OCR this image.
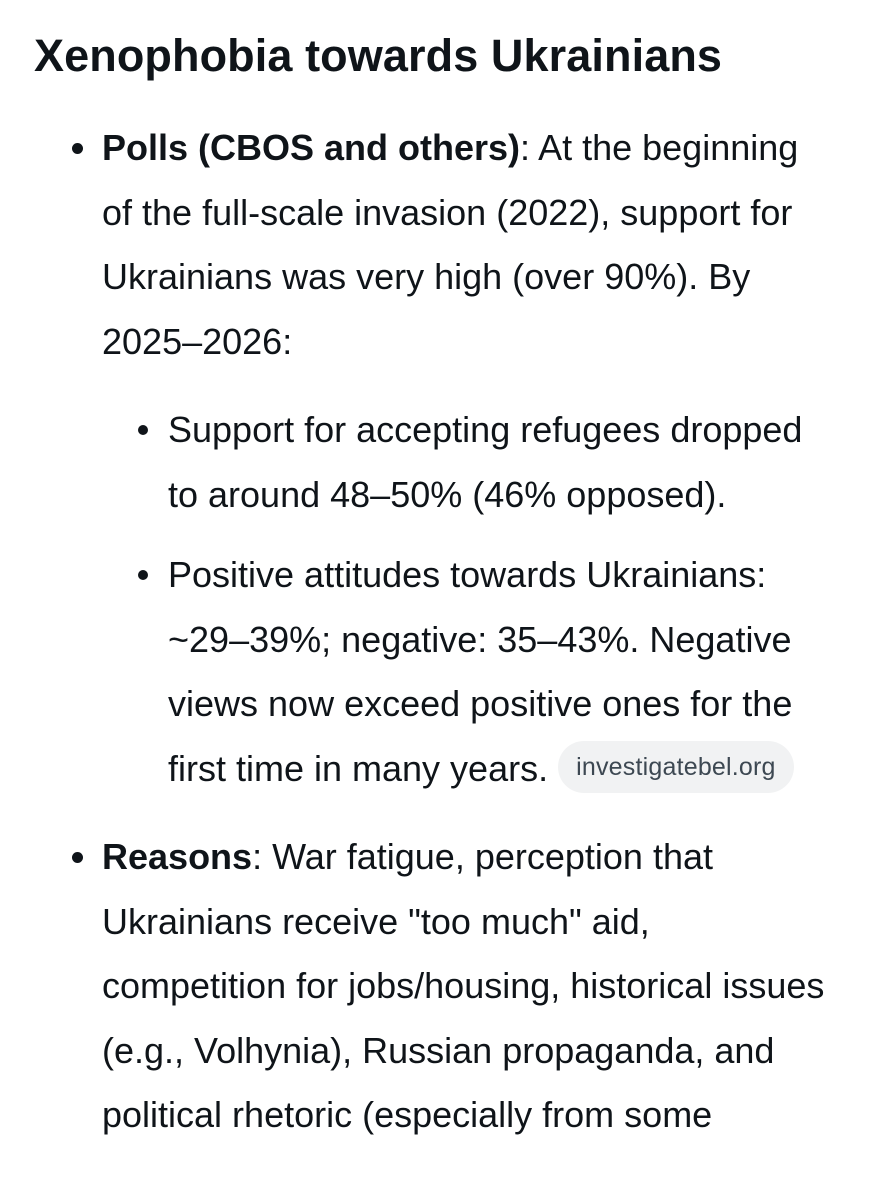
Xenophobia towards Ukrainians

Polls (CBOS and others): At the beginning of the full-scale invasion (2022), support for Ukrainians was very high (over 90%). By 2025–2026:

Support for accepting refugees dropped to around 48–50% (46% opposed).
Positive attitudes towards Ukrainians: ~29–39%; negative: 35–43%. Negative views now exceed positive ones for the first time in many years. investigatebel.org

Reasons: War fatigue, perception that Ukrainians receive "too much" aid, competition for jobs/housing, historical issues (e.g., Volhynia), Russian propaganda, and political rhetoric (especially from some
